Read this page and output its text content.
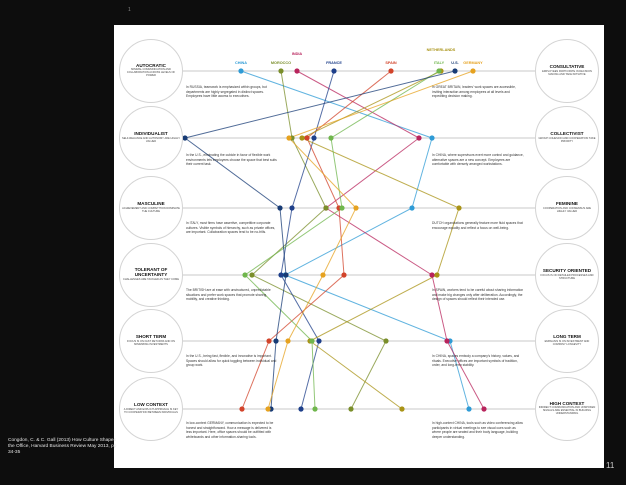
1
INDIA
CHINA	MOROCCO	FRANCE	SPAIN
NETHERLANDS
ITALY U.S. GERMANY
AUTOCRATIC
MINIMAL COMMUNICATION AND COLLABORATION ACROSS LEVELS OF POWER
INDIVIDUALIST
SELF-RELIANCE AND AUTONOMY ARE HIGHLY VALUED
MASCULINE
ACHIEVEMENT AND COMPETITION DOMINATE THE CULTURE
TOLERANT OF UNCERTAINTY
CHALLENGES ARE TACKLED AS THEY COME
SHORT TERM
FOCUS IS ON FAST RETURNS AND ON MINIMIZING INVESTMENTS
LOW CONTEXT
A DIRECT AND EXPLICIT APPROACH IS KEY TO COOPERATION BETWEEN INDIVIDUALS
CONSULTATIVE
EMPLOYEES PARTICIPATE IN DECISION MAKING AND TAKE INITIATIVE
COLLECTIVIST
GROUP COHESION AND COOPERATION TAKE PRIORITY
FEMININE
COOPERATION AND CONSENSUS ARE HIGHLY VALUED
SECURITY ORIENTED
FOCUS IS ON DETAILED PROCESSES AND STRUCTURE
LONG TERM
EMPHASIS IS ON INVESTMENT AND COMPANY LONGEVITY
HIGH CONTEXT
INDIRECT COMMUNICATION AND UNSPOKEN SIGNALS ARE ESSENTIAL IN BUILDING UNDERSTANDING
In RUSSIA, teamwork is emphasized within groups, but departments are highly segregated in distinct spaces. Employees have little access to executives.
In GREAT BRITAIN, leaders' work spaces are accessible, inviting interaction among employees at all levels and expediting decision making.
In the U.S., eliminating the cubicle in favor of flexible work environments lets employees choose the space that best suits their current task.
In CHINA, where supervisors exert more control and guidance, alternative spaces are a new concept. Employees are comfortable with densely arranged workstations.
In ITALY, most firms have assertive, competitive corporate cultures. Visible symbols of hierarchy, such as private offices, are important. Collaboration spaces tend to be no-frills.
DUTCH organizations generally feature more fluid spaces that encourage equality and reflect a focus on well-being.
The BRITISH are at ease with unstructured, unpredictable situations and prefer work spaces that promote sharing, mobility, and creative thinking.
In SPAIN, workers tend to be careful about sharing information and make big changes only after deliberation. Accordingly, the design of spaces should reflect their intended use.
In the U.S., being fast, flexible, and innovative is important. Spaces should allow for quick toggling between individual and group work.
In CHINA, spaces embody a company's history, values, and rituals. Executive offices are important symbols of tradition, order, and long-term stability.
In low-context GERMANY, communication is expected to be honest and straightforward. How a message is delivered is less important. Here, office spaces should be outfitted with whiteboards and other information-sharing tools.
In high-context CHINA, tools such as video conferencing allow participants in virtual meetings to see visual cues such as where people are seated and their body language, building deeper understanding.
Congdon, C. & C. Gall (2013) How Culture Shapes the Office, Harvard Business Review May 2013, pp 34-35
11
